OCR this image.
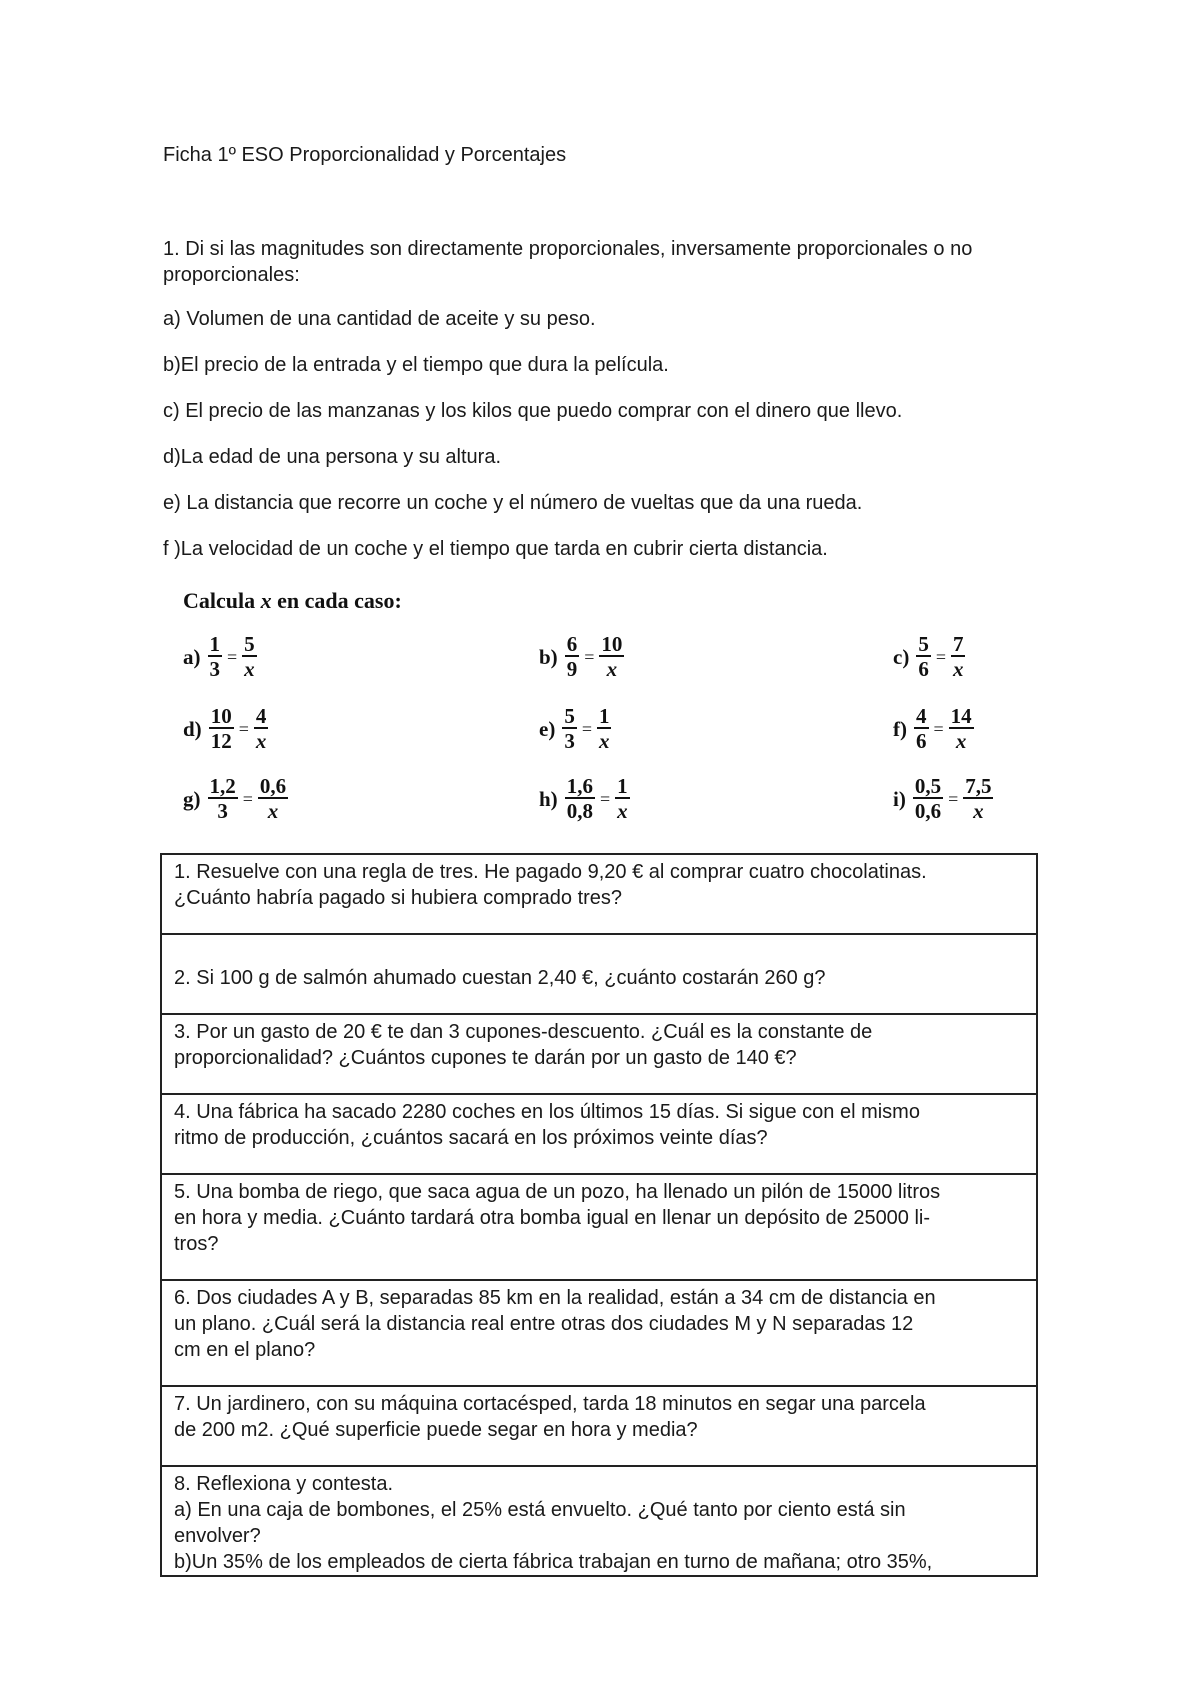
Ficha 1º ESO Proporcionalidad y Porcentajes
1. Di si las magnitudes son directamente proporcionales, inversamente proporcionales o no proporcionales:
a) Volumen de una cantidad de aceite y su peso.
b)El precio de la entrada y el tiempo que dura la película.
c) El precio de las manzanas y los kilos que puedo comprar con el dinero que llevo.
d)La edad de una persona y su altura.
e) La distancia que recorre un coche y el número de vueltas que da una rueda.
f )La velocidad de un coche y el tiempo que tarda en cubrir cierta distancia.
Calcula x en cada caso:
$a) \frac{1}{3} = \frac{5}{x}$	$b) \frac{6}{9} = \frac{10}{x}$	$c) \frac{5}{6} = \frac{7}{x}$
$d) \frac{10}{12} = \frac{4}{x}$	$e) \frac{5}{3} = \frac{1}{x}$	$f) \frac{4}{6} = \frac{14}{x}$
$g) \frac{1,2}{3} = \frac{0,6}{x}$	$h) \frac{1,6}{0,8} = \frac{1}{x}$	$i) \frac{0,5}{0,6} = \frac{7,5}{x}$
1. Resuelve con una regla de tres. He pagado 9,20 € al comprar cuatro chocolatinas.
¿Cuánto habría pagado si hubiera comprado tres?

2. Si 100 g de salmón ahumado cuestan 2,40 €, ¿cuánto costarán 260 g?

3. Por un gasto de 20 € te dan 3 cupones-descuento. ¿Cuál es la constante de
proporcionalidad? ¿Cuántos cupones te darán por un gasto de 140 €?

4. Una fábrica ha sacado 2280 coches en los últimos 15 días. Si sigue con el mismo
ritmo de producción, ¿cuántos sacará en los próximos veinte días?

5. Una bomba de riego, que saca agua de un pozo, ha llenado un pilón de 15000 litros
en hora y media. ¿Cuánto tardará otra bomba igual en llenar un depósito de 25000 li-
tros?

6. Dos ciudades A y B, separadas 85 km en la realidad, están a 34 cm de distancia en
un plano. ¿Cuál será la distancia real entre otras dos ciudades M y N separadas 12
cm en el plano?

7. Un jardinero, con su máquina cortacésped, tarda 18 minutos en segar una parcela
de 200 m2. ¿Qué superficie puede segar en hora y media?

8. Reflexiona y contesta.
a) En una caja de bombones, el 25% está envuelto. ¿Qué tanto por ciento está sin
envolver?
b)Un 35% de los empleados de cierta fábrica trabajan en turno de mañana; otro 35%,
